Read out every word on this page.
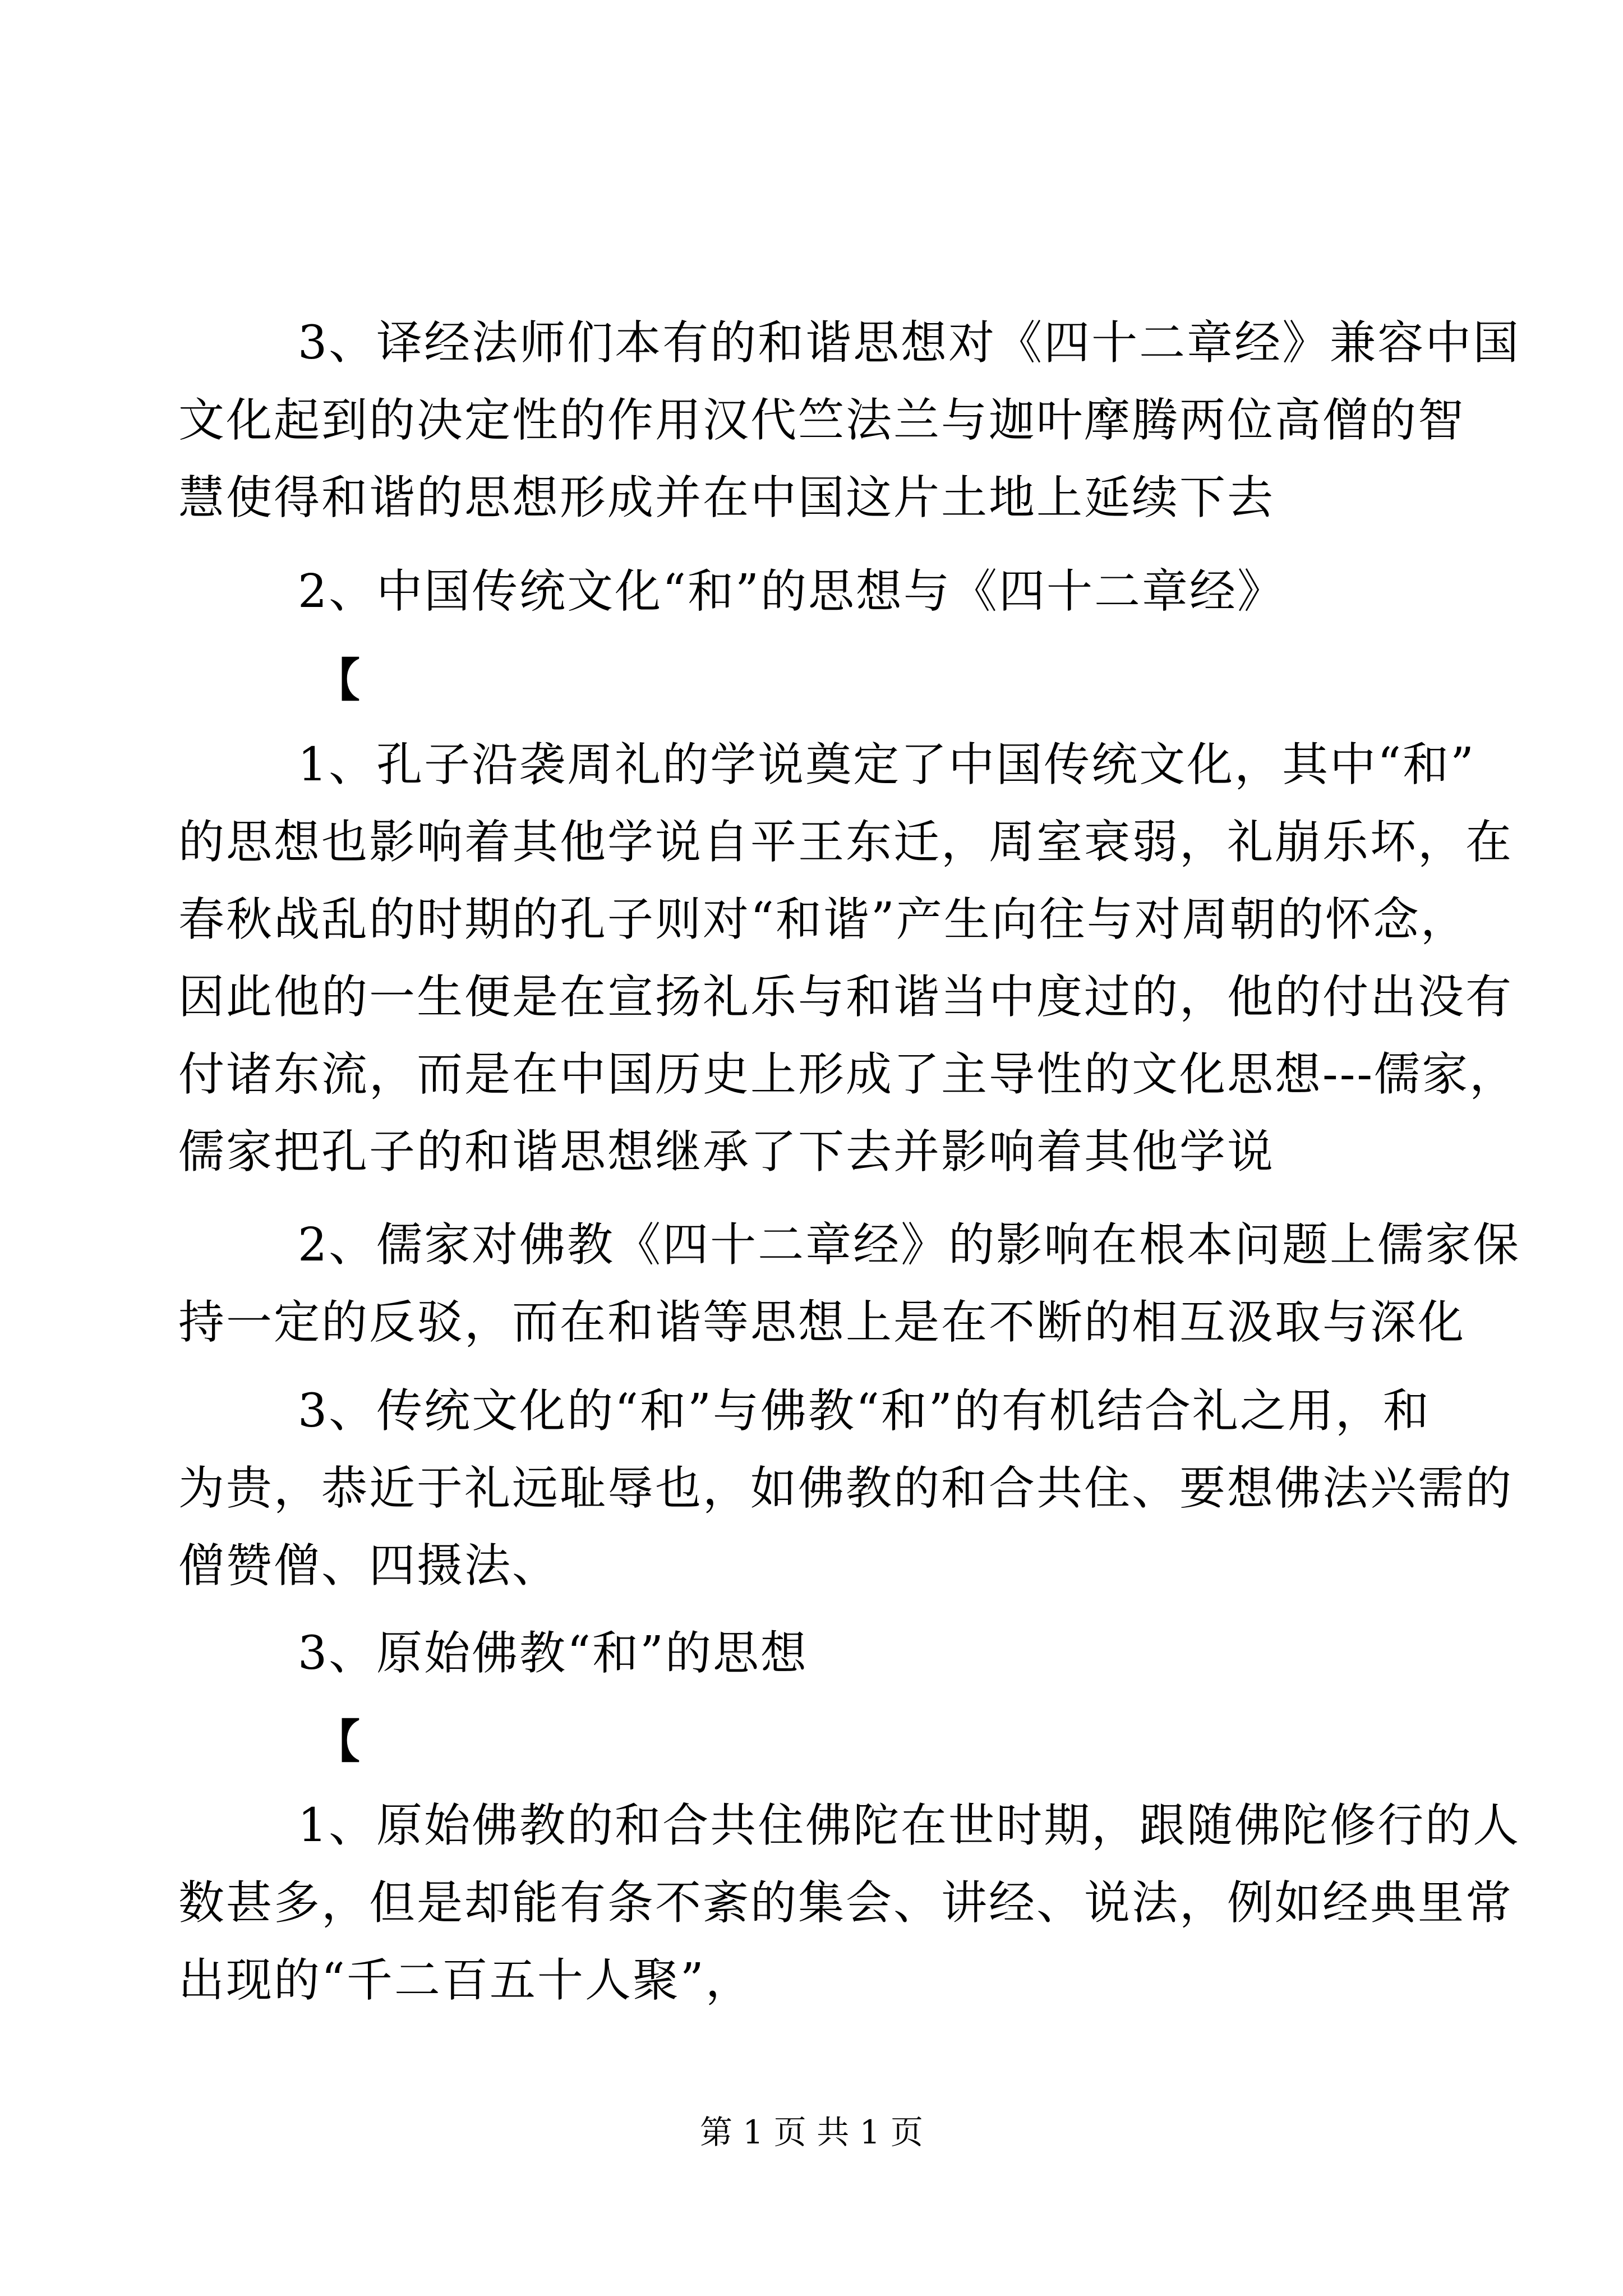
3、译经法师们本有的和谐思想对《四十二章经》兼容中国
文化起到的决定性的作用汉代竺法兰与迦叶摩腾两位高僧的智
慧使得和谐的思想形成并在中国这片土地上延续下去
2、中国传统文化“和”的思想与《四十二章经》
【
1、孔子沿袭周礼的学说奠定了中国传统文化，其中“和”
的思想也影响着其他学说自平王东迁，周室衰弱，礼崩乐坏，在
春秋战乱的时期的孔子则对“和谐”产生向往与对周朝的怀念，
因此他的一生便是在宣扬礼乐与和谐当中度过的，他的付出没有
付诸东流，而是在中国历史上形成了主导性的文化思想---儒家，
儒家把孔子的和谐思想继承了下去并影响着其他学说
2、儒家对佛教《四十二章经》的影响在根本问题上儒家保
持一定的反驳，而在和谐等思想上是在不断的相互汲取与深化
3、传统文化的“和”与佛教“和”的有机结合礼之用，和
为贵，恭近于礼远耻辱也，如佛教的和合共住、要想佛法兴需的
僧赞僧、四摄法、
3、原始佛教“和”的思想
【
1、原始佛教的和合共住佛陀在世时期，跟随佛陀修行的人
数甚多，但是却能有条不紊的集会、讲经、说法，例如经典里常
出现的“千二百五十人聚”，
第 1 页 共 1 页
